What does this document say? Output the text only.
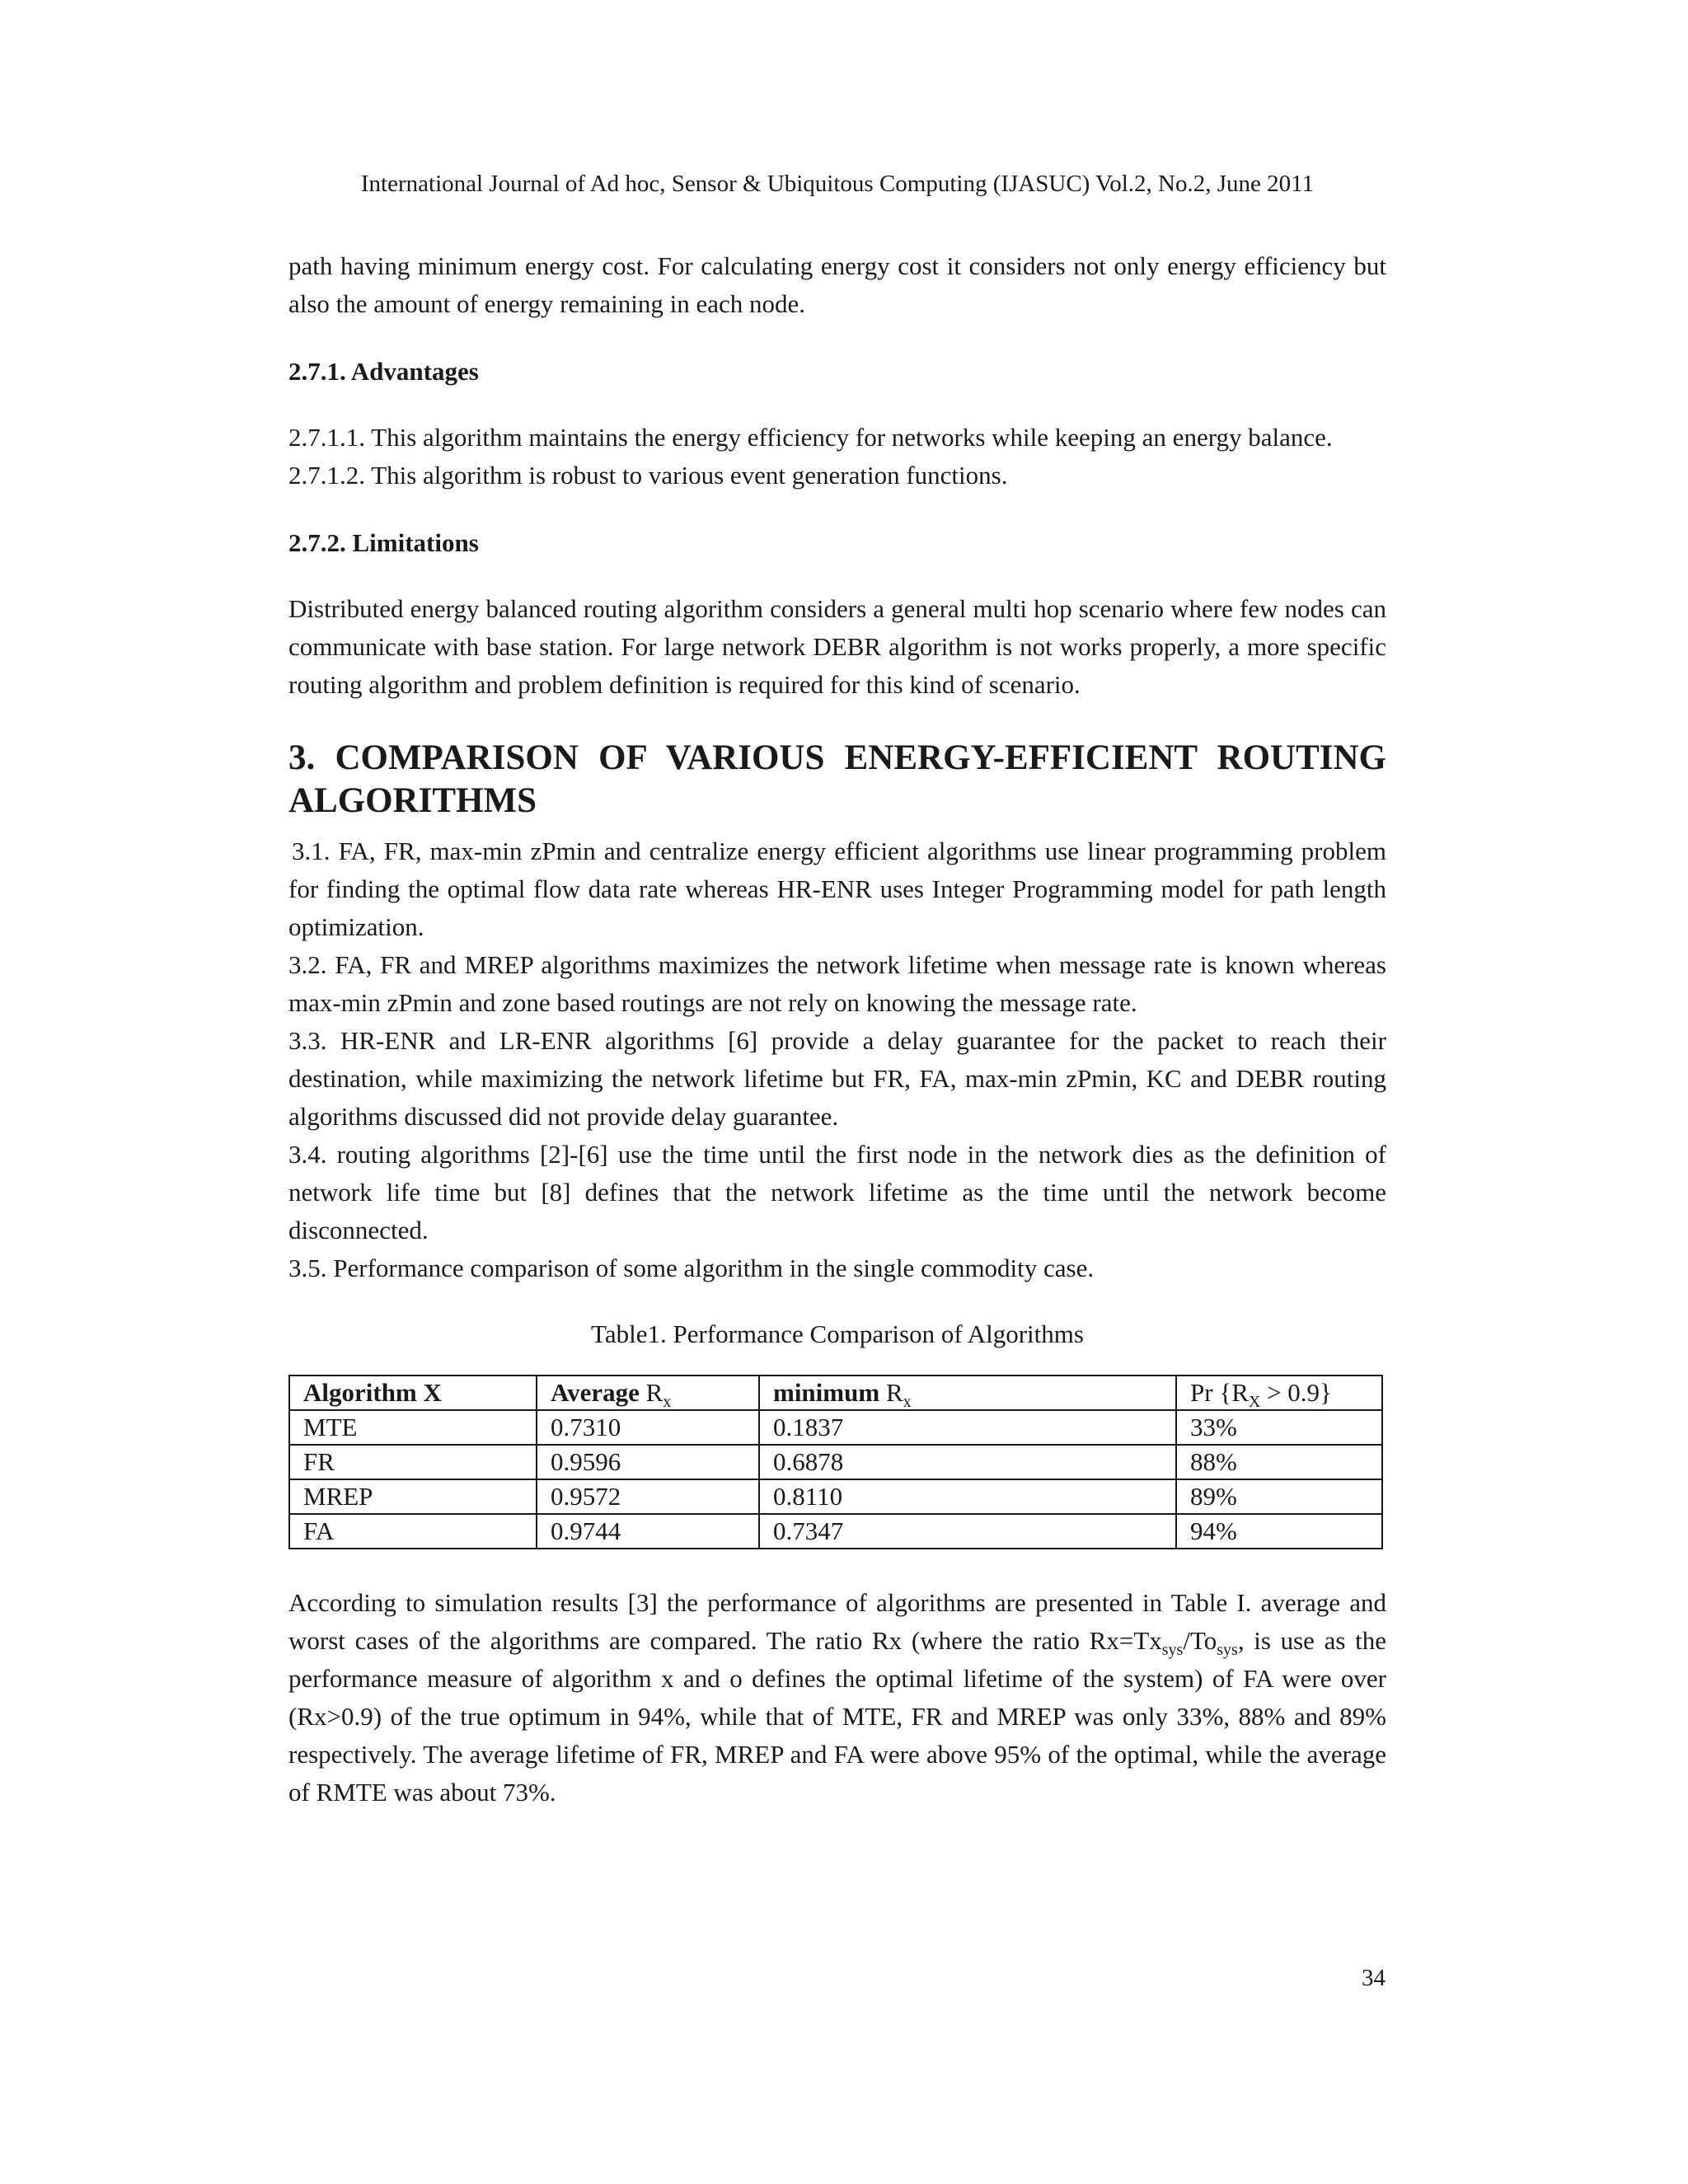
International Journal of Ad hoc, Sensor & Ubiquitous Computing (IJASUC) Vol.2, No.2, June 2011

path having minimum energy cost. For calculating energy cost it considers not only energy efficiency but also the amount of energy remaining in each node.

2.7.1. Advantages

2.7.1.1. This algorithm maintains the energy efficiency for networks while keeping an energy balance.

2.7.1.2. This algorithm is robust to various event generation functions.

2.7.2. Limitations

Distributed energy balanced routing algorithm considers a general multi hop scenario where few nodes can communicate with base station. For large network DEBR algorithm is not works properly, a more specific routing algorithm and problem definition is required for this kind of scenario.

3. COMPARISON OF VARIOUS ENERGY-EFFICIENT ROUTING ALGORITHMS

3.1. FA, FR, max-min zPmin and centralize energy efficient algorithms use linear programming problem for finding the optimal flow data rate whereas HR-ENR uses Integer Programming model for path length optimization.

3.2. FA, FR and MREP algorithms maximizes the network lifetime when message rate is known whereas max-min zPmin and zone based routings are not rely on knowing the message rate.

3.3. HR-ENR and LR-ENR algorithms [6] provide a delay guarantee for the packet to reach their destination, while maximizing the network lifetime but FR, FA, max-min zPmin, KC and DEBR routing algorithms discussed did not provide delay guarantee.

3.4. routing algorithms [2]-[6] use the time until the first node in the network dies as the definition of network life time but [8] defines that the network lifetime as the time until the network become disconnected.

3.5. Performance comparison of some algorithm in the single commodity case.

Table1. Performance Comparison of Algorithms
Algorithm X	Average $R_x$	minimum $R_x$	Pr $\{R_X > 0.9\}$
MTE	0.7310	0.1837	33%
FR	0.9596	0.6878	88%
MREP	0.9572	0.8110	89%
FA	0.9744	0.7347	94%

According to simulation results [3] the performance of algorithms are presented in Table I. average and worst cases of the algorithms are compared. The ratio Rx (where the ratio $Rx=Tx_{sys}/To_{sys}$, is use as the performance measure of algorithm x and o defines the optimal lifetime of the system) of FA were over (Rx>0.9) of the true optimum in 94%, while that of MTE, FR and MREP was only 33%, 88% and 89% respectively. The average lifetime of FR, MREP and FA were above 95% of the optimal, while the average of RMTE was about 73%.

34
